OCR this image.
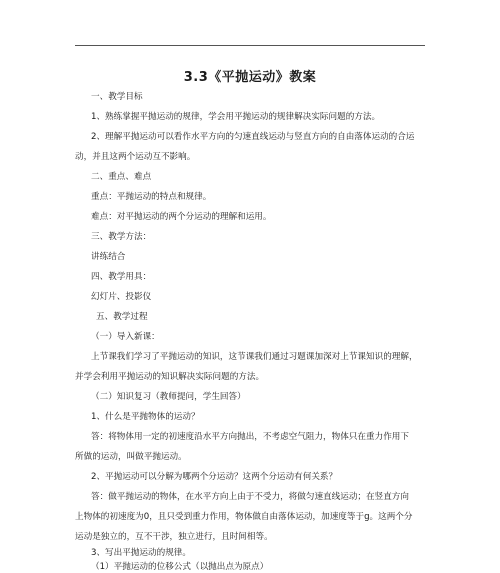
3.3《平抛运动》教案
一、教学目标
1、熟练掌握平抛运动的规律，学会用平抛运动的规律解决实际问题的方法。
2、理解平抛运动可以看作水平方向的匀速直线运动与竖直方向的自由落体运动的合运
动，并且这两个运动互不影响。
二、重点、难点
重点：平抛运动的特点和规律。
难点：对平抛运动的两个分运动的理解和运用。
三、教学方法：
讲练结合
四、教学用具：
幻灯片、投影仪
五、教学过程
（一）导入新课：
上节课我们学习了平抛运动的知识，这节课我们通过习题课加深对上节课知识的理解，
并学会利用平抛运动的知识解决实际问题的方法。
（二）知识复习（教师提问，学生回答）
1、什么是平抛物体的运动？
答：将物体用一定的初速度沿水平方向抛出，不考虑空气阻力，物体只在重力作用下
所做的运动，叫做平抛运动。
2、平抛运动可以分解为哪两个分运动？这两个分运动有何关系？
答：做平抛运动的物体，在水平方向上由于不受力，将做匀速直线运动；在竖直方向
上物体的初速度为0，且只受到重力作用，物体做自由落体运动，加速度等于g。这两个分
运动是独立的，互不干涉，独立进行，且时间相等。
3、写出平抛运动的规律。
（1）平抛运动的位移公式（以抛出点为原点）
